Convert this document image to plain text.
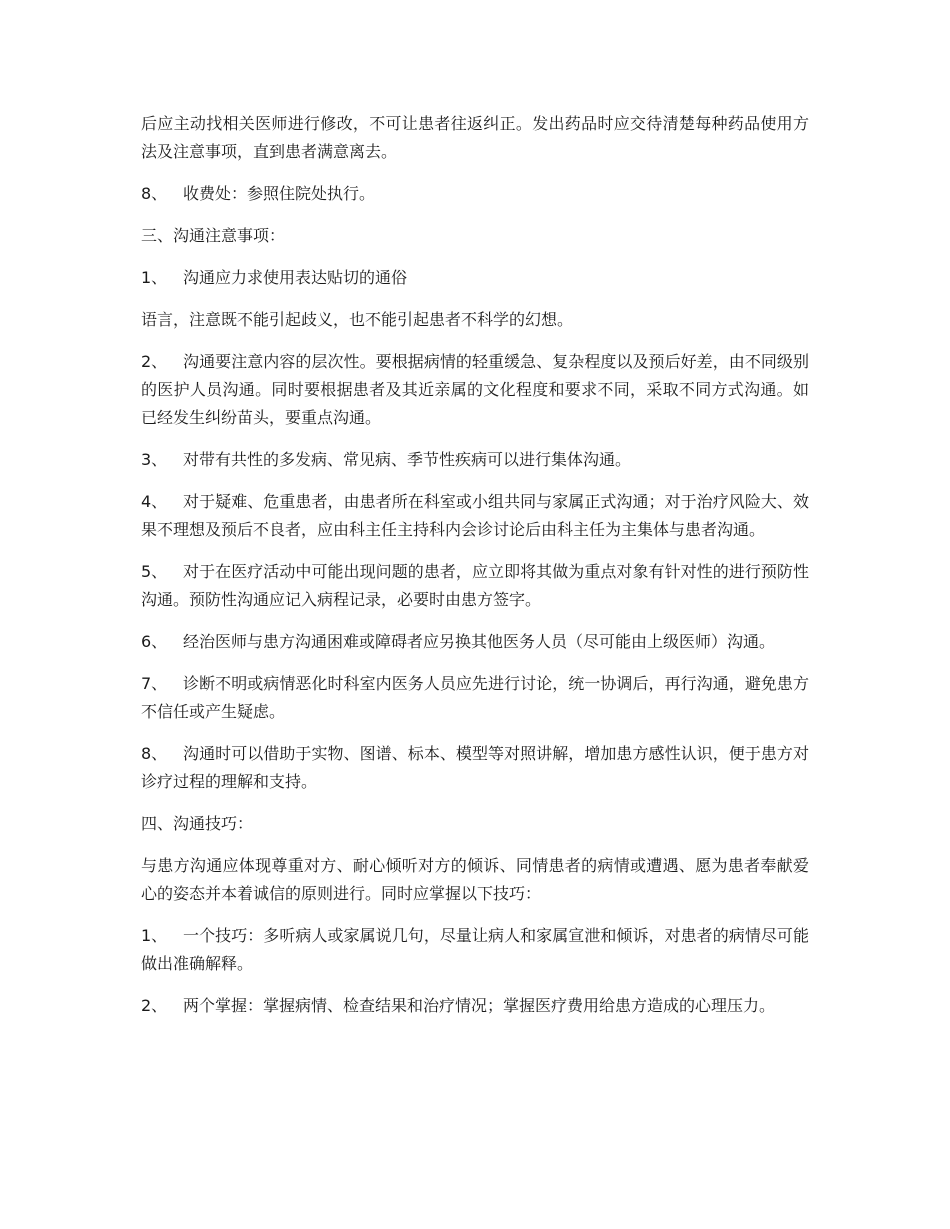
后应主动找相关医师进行修改，不可让患者往返纠正。发出药品时应交待清楚每种药品使用方法及注意事项，直到患者满意离去。

8、 收费处：参照住院处执行。

三、沟通注意事项：

1、 沟通应力求使用表达贴切的通俗

语言，注意既不能引起歧义，也不能引起患者不科学的幻想。

2、 沟通要注意内容的层次性。要根据病情的轻重缓急、复杂程度以及预后好差，由不同级别的医护人员沟通。同时要根据患者及其近亲属的文化程度和要求不同，采取不同方式沟通。如已经发生纠纷苗头，要重点沟通。

3、 对带有共性的多发病、常见病、季节性疾病可以进行集体沟通。

4、 对于疑难、危重患者，由患者所在科室或小组共同与家属正式沟通；对于治疗风险大、效果不理想及预后不良者，应由科主任主持科内会诊讨论后由科主任为主集体与患者沟通。

5、 对于在医疗活动中可能出现问题的患者，应立即将其做为重点对象有针对性的进行预防性沟通。预防性沟通应记入病程记录，必要时由患方签字。

6、 经治医师与患方沟通困难或障碍者应另换其他医务人员（尽可能由上级医师）沟通。

7、 诊断不明或病情恶化时科室内医务人员应先进行讨论，统一协调后，再行沟通，避免患方不信任或产生疑虑。

8、 沟通时可以借助于实物、图谱、标本、模型等对照讲解，增加患方感性认识，便于患方对诊疗过程的理解和支持。

四、沟通技巧：

与患方沟通应体现尊重对方、耐心倾听对方的倾诉、同情患者的病情或遭遇、愿为患者奉献爱心的姿态并本着诚信的原则进行。同时应掌握以下技巧：

1、 一个技巧：多听病人或家属说几句，尽量让病人和家属宣泄和倾诉，对患者的病情尽可能做出准确解释。

2、 两个掌握：掌握病情、检查结果和治疗情况；掌握医疗费用给患方造成的心理压力。
